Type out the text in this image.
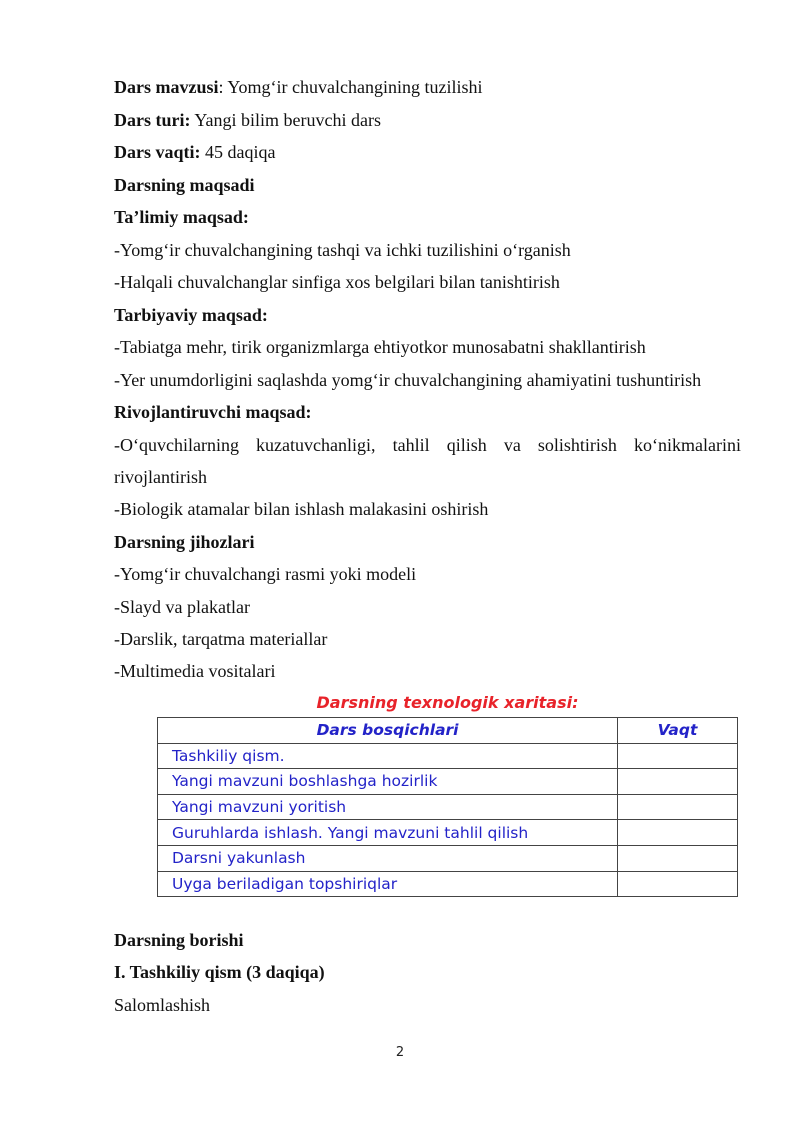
Dars mavzusi: Yomg‘ir chuvalchangining tuzilishi
Dars turi: Yangi bilim beruvchi dars
Dars vaqti: 45 daqiqa
Darsning maqsadi
Ta’limiy maqsad:
-Yomg‘ir chuvalchangining tashqi va ichki tuzilishini o‘rganish
-Halqali chuvalchanglar sinfiga xos belgilari bilan tanishtirish
Tarbiyaviy maqsad:
-Tabiatga mehr, tirik organizmlarga ehtiyotkor munosabatni shakllantirish
-Yer unumdorligini saqlashda yomg‘ir chuvalchangining ahamiyatini tushuntirish
Rivojlantiruvchi maqsad:
-O‘quvchilarning kuzatuvchanligi, tahlil qilish va solishtirish ko‘nikmalarini
rivojlantirish
-Biologik atamalar bilan ishlash malakasini oshirish
Darsning jihozlari
-Yomg‘ir chuvalchangi rasmi yoki modeli
-Slayd va plakatlar
-Darslik, tarqatma materiallar
-Multimedia vositalari
Darsning texnologik xaritasi:
Dars bosqichlari	Vaqt
Tashkiliy qism.	
Yangi mavzuni boshlashga hozirlik	
Yangi mavzuni yoritish	
Guruhlarda ishlash. Yangi mavzuni tahlil qilish	
Darsni yakunlash	
Uyga beriladigan topshiriqlar	
Darsning borishi
I. Tashkiliy qism (3 daqiqa)
Salomlashish
2
